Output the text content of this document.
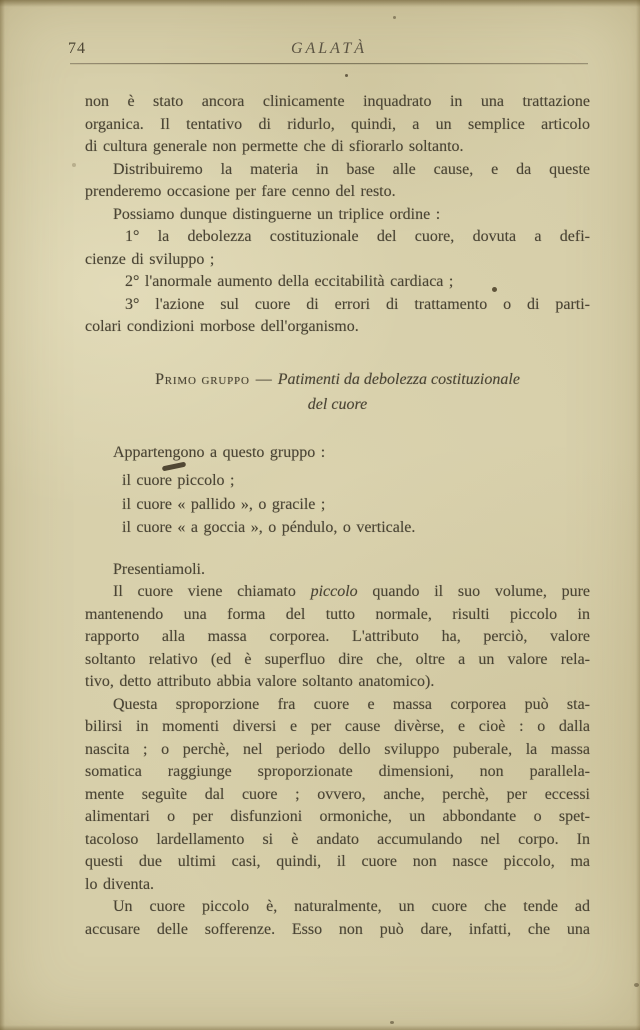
74	GALATÀ
non è stato ancora clinicamente inquadrato in una trattazione
organica. Il tentativo di ridurlo, quindi, a un semplice articolo
di cultura generale non permette che di sfiorarlo soltanto.
Distribuiremo la materia in base alle cause, e da queste
prenderemo occasione per fare cenno del resto.
Possiamo dunque distinguerne un triplice ordine :
1° la debolezza costituzionale del cuore, dovuta a defi-
cienze di sviluppo ;
2° l'anormale aumento della eccitabilità cardiaca ;
3° l'azione sul cuore di errori di trattamento o di parti-
colari condizioni morbose dell'organismo.
Primo gruppo — Patimenti da debolezza costituzionale
del cuore
Appartengono a questo gruppo :
il cuore piccolo ;
il cuore « pallido », o gracile ;
il cuore « a goccia », o péndulo, o verticale.
Presentiamoli.
Il cuore viene chiamato piccolo quando il suo volume, pure
mantenendo una forma del tutto normale, risulti piccolo in
rapporto alla massa corporea. L'attributo ha, perciò, valore
soltanto relativo (ed è superfluo dire che, oltre a un valore rela-
tivo, detto attributo abbia valore soltanto anatomico).
Questa sproporzione fra cuore e massa corporea può sta-
bilirsi in momenti diversi e per cause divèrse, e cioè : o dalla
nascita ; o perchè, nel periodo dello sviluppo puberale, la massa
somatica raggiunge sproporzionate dimensioni, non parallela-
mente seguìte dal cuore ; ovvero, anche, perchè, per eccessi
alimentari o per disfunzioni ormoniche, un abbondante o spet-
tacoloso lardellamento si è andato accumulando nel corpo. In
questi due ultimi casi, quindi, il cuore non nasce piccolo, ma
lo diventa.
Un cuore piccolo è, naturalmente, un cuore che tende ad
accusare delle sofferenze. Esso non può dare, infatti, che una
